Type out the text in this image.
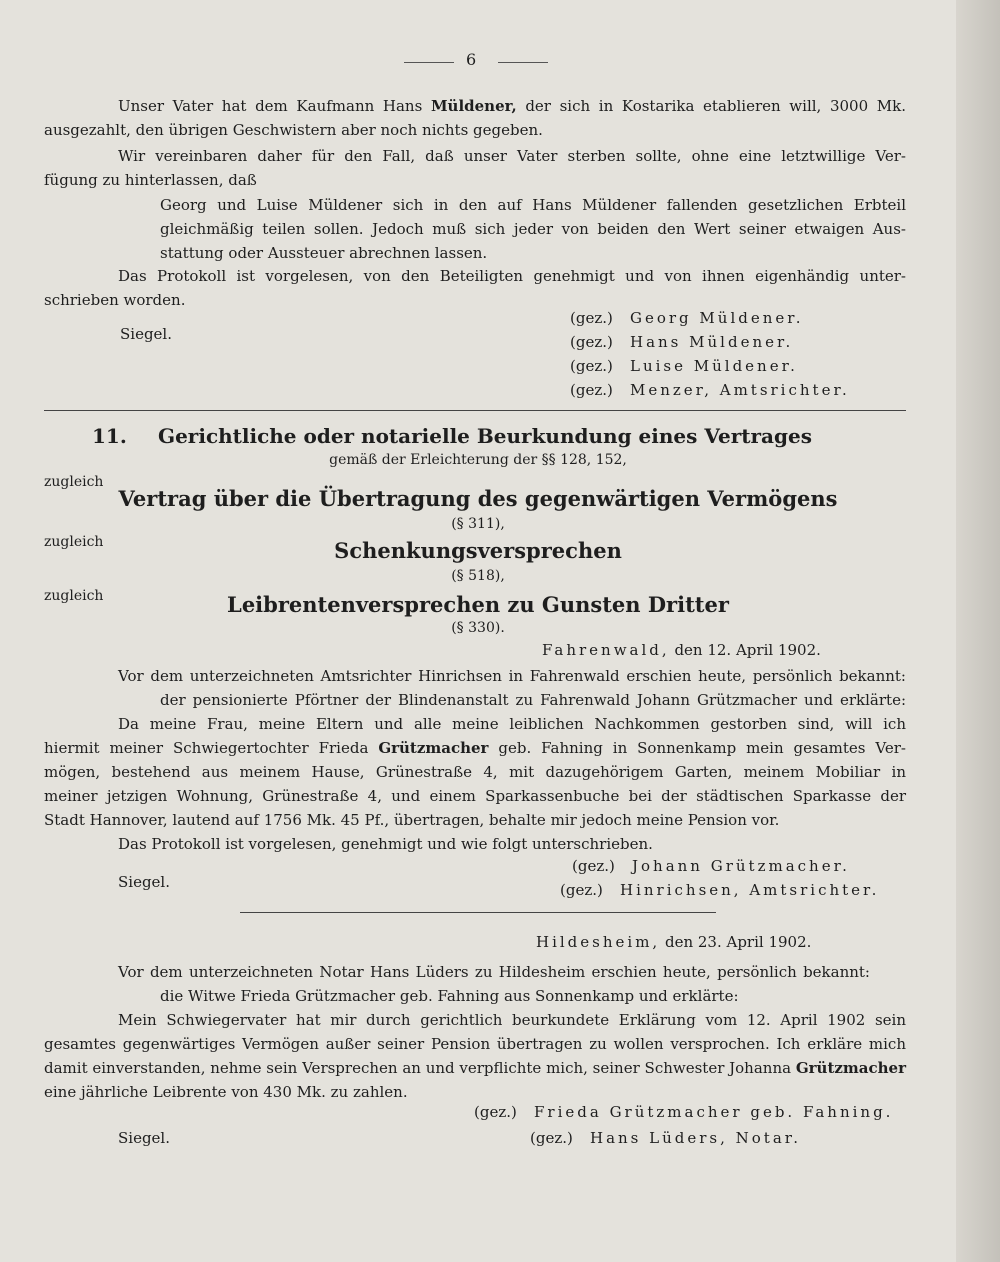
6
Unser Vater hat dem Kaufmann Hans Müldener, der sich in Kostarika etablieren will, 3000 Mk.
ausgezahlt, den übrigen Geschwistern aber noch nichts gegeben.
Wir vereinbaren daher für den Fall, daß unser Vater sterben sollte, ohne eine letztwillige Ver-
fügung zu hinterlassen, daß
Georg und Luise Müldener sich in den auf Hans Müldener fallenden gesetzlichen Erbteil
gleichmäßig teilen sollen. Jedoch muß sich jeder von beiden den Wert seiner etwaigen Aus-
stattung oder Aussteuer abrechnen lassen.
Das Protokoll ist vorgelesen, von den Beteiligten genehmigt und von ihnen eigenhändig unter-
schrieben worden.
Siegel.
(gez.) Georg Müldener.
(gez.) Hans Müldener.
(gez.) Luise Müldener.
(gez.) Menzer, Amtsrichter.
11. Gerichtliche oder notarielle Beurkundung eines Vertrages
gemäß der Erleichterung der §§ 128, 152,
zugleich
Vertrag über die Übertragung des gegenwärtigen Vermögens
(§ 311),
zugleich	Schenkungsversprechen
(§ 518),
zugleich	Leibrentenversprechen zu Gunsten Dritter
(§ 330).
Fahrenwald, den 12. April 1902.
Vor dem unterzeichneten Amtsrichter Hinrichsen in Fahrenwald erschien heute, persönlich bekannt:
der pensionierte Pförtner der Blindenanstalt zu Fahrenwald Johann Grützmacher und erklärte:
Da meine Frau, meine Eltern und alle meine leiblichen Nachkommen gestorben sind, will ich
hiermit meiner Schwiegertochter Frieda Grützmacher geb. Fahning in Sonnenkamp mein gesamtes Ver-
mögen, bestehend aus meinem Hause, Grünestraße 4, mit dazugehörigem Garten, meinem Mobiliar in
meiner jetzigen Wohnung, Grünestraße 4, und einem Sparkassenbuche bei der städtischen Sparkasse der
Stadt Hannover, lautend auf 1756 Mk. 45 Pf., übertragen, behalte mir jedoch meine Pension vor.
Das Protokoll ist vorgelesen, genehmigt und wie folgt unterschrieben.
Siegel.
(gez.) Johann Grützmacher.
(gez.) Hinrichsen, Amtsrichter.
Hildesheim, den 23. April 1902.
Vor dem unterzeichneten Notar Hans Lüders zu Hildesheim erschien heute, persönlich bekannt:
die Witwe Frieda Grützmacher geb. Fahning aus Sonnenkamp und erklärte:
Mein Schwiegervater hat mir durch gerichtlich beurkundete Erklärung vom 12. April 1902 sein
gesamtes gegenwärtiges Vermögen außer seiner Pension übertragen zu wollen versprochen. Ich erkläre mich
damit einverstanden, nehme sein Versprechen an und verpflichte mich, seiner Schwester Johanna Grützmacher
eine jährliche Leibrente von 430 Mk. zu zahlen.
Siegel.
(gez.) Frieda Grützmacher geb. Fahning.
(gez.) Hans Lüders, Notar.
